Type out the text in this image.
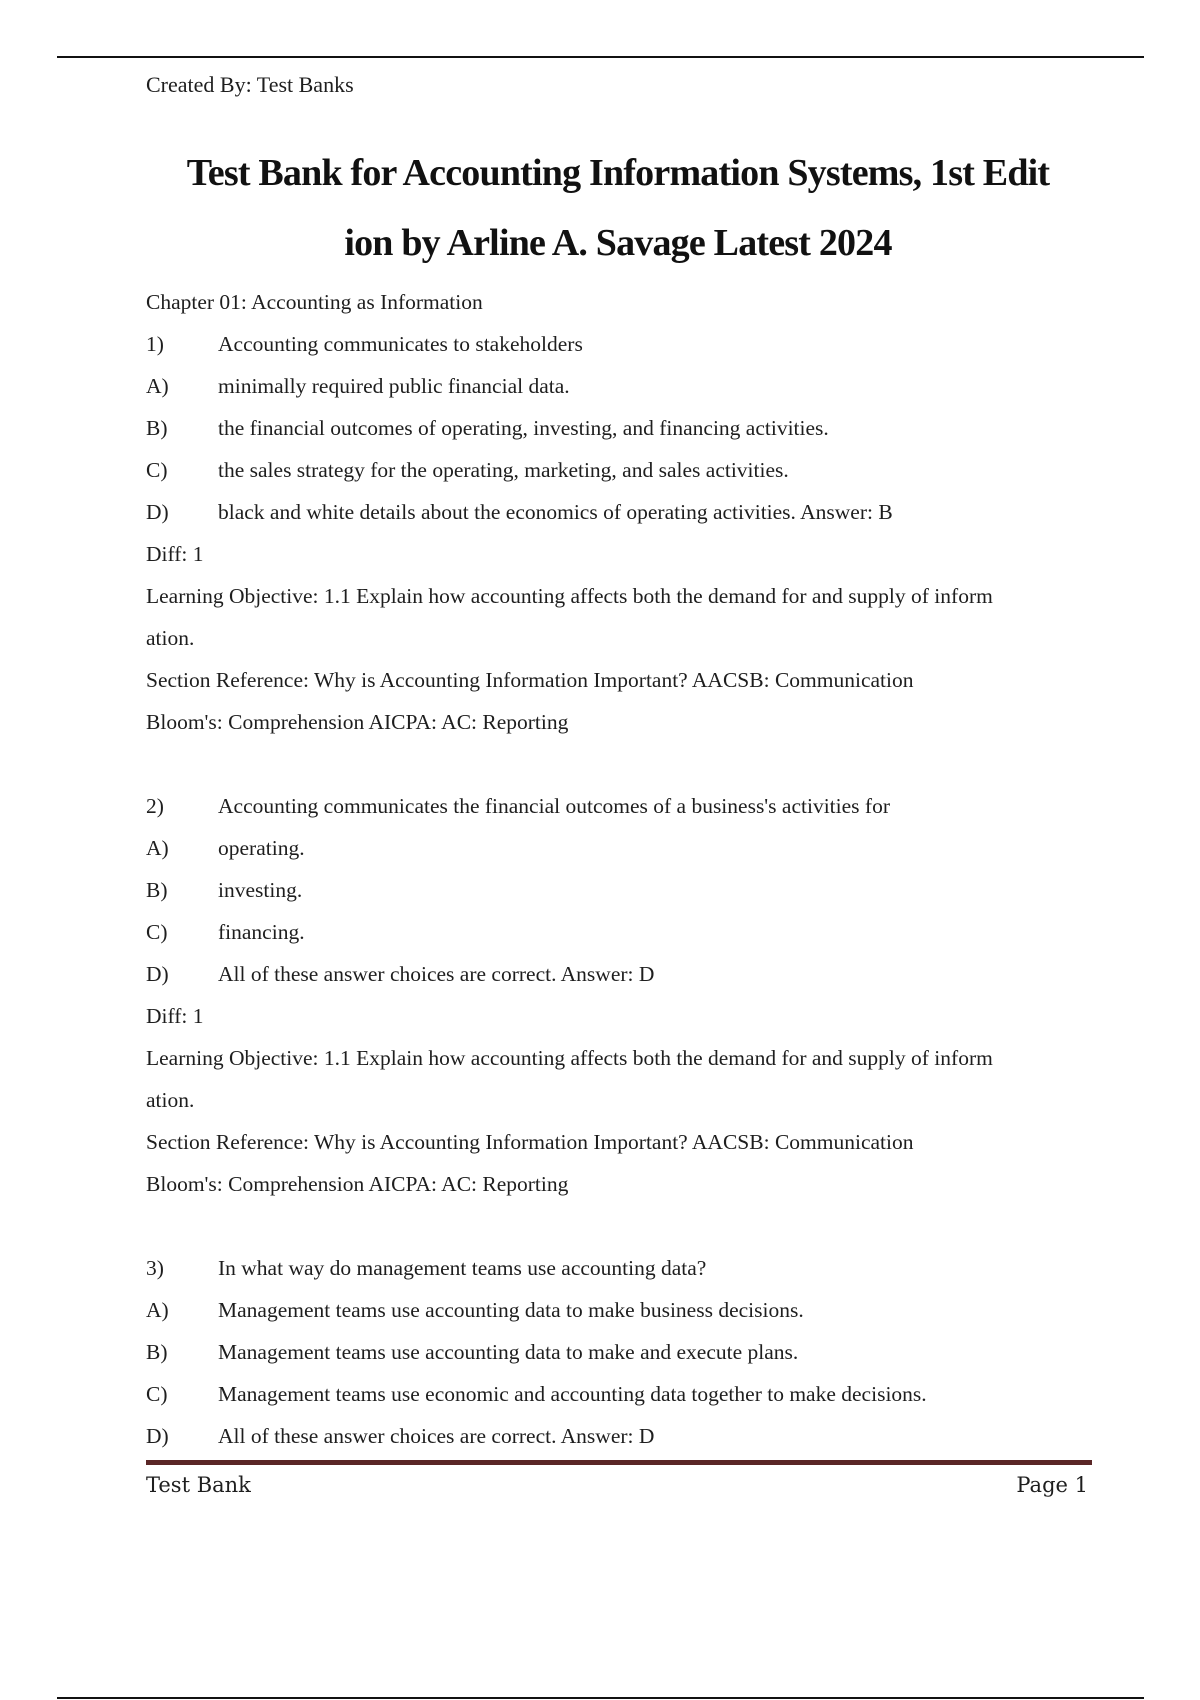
Created By: Test Banks
Test Bank for Accounting Information Systems, 1st Edit
ion by Arline A. Savage Latest 2024
Chapter 01: Accounting as Information
1)	Accounting communicates to stakeholders
A)	minimally required public financial data.
B)	the financial outcomes of operating, investing, and financing activities.
C)	the sales strategy for the operating, marketing, and sales activities.
D)	black and white details about the economics of operating activities. Answer: B
Diff: 1
Learning Objective: 1.1 Explain how accounting affects both the demand for and supply of inform
ation.
Section Reference: Why is Accounting Information Important? AACSB: Communication
Bloom's: Comprehension AICPA: AC: Reporting
2)	Accounting communicates the financial outcomes of a business's activities for
A)	operating.
B)	investing.
C)	financing.
D)	All of these answer choices are correct. Answer: D
Diff: 1
Learning Objective: 1.1 Explain how accounting affects both the demand for and supply of inform
ation.
Section Reference: Why is Accounting Information Important? AACSB: Communication
Bloom's: Comprehension AICPA: AC: Reporting
3)	In what way do management teams use accounting data?
A)	Management teams use accounting data to make business decisions.
B)	Management teams use accounting data to make and execute plans.
C)	Management teams use economic and accounting data together to make decisions.
D)	All of these answer choices are correct. Answer: D
Test Bank	Page 1
